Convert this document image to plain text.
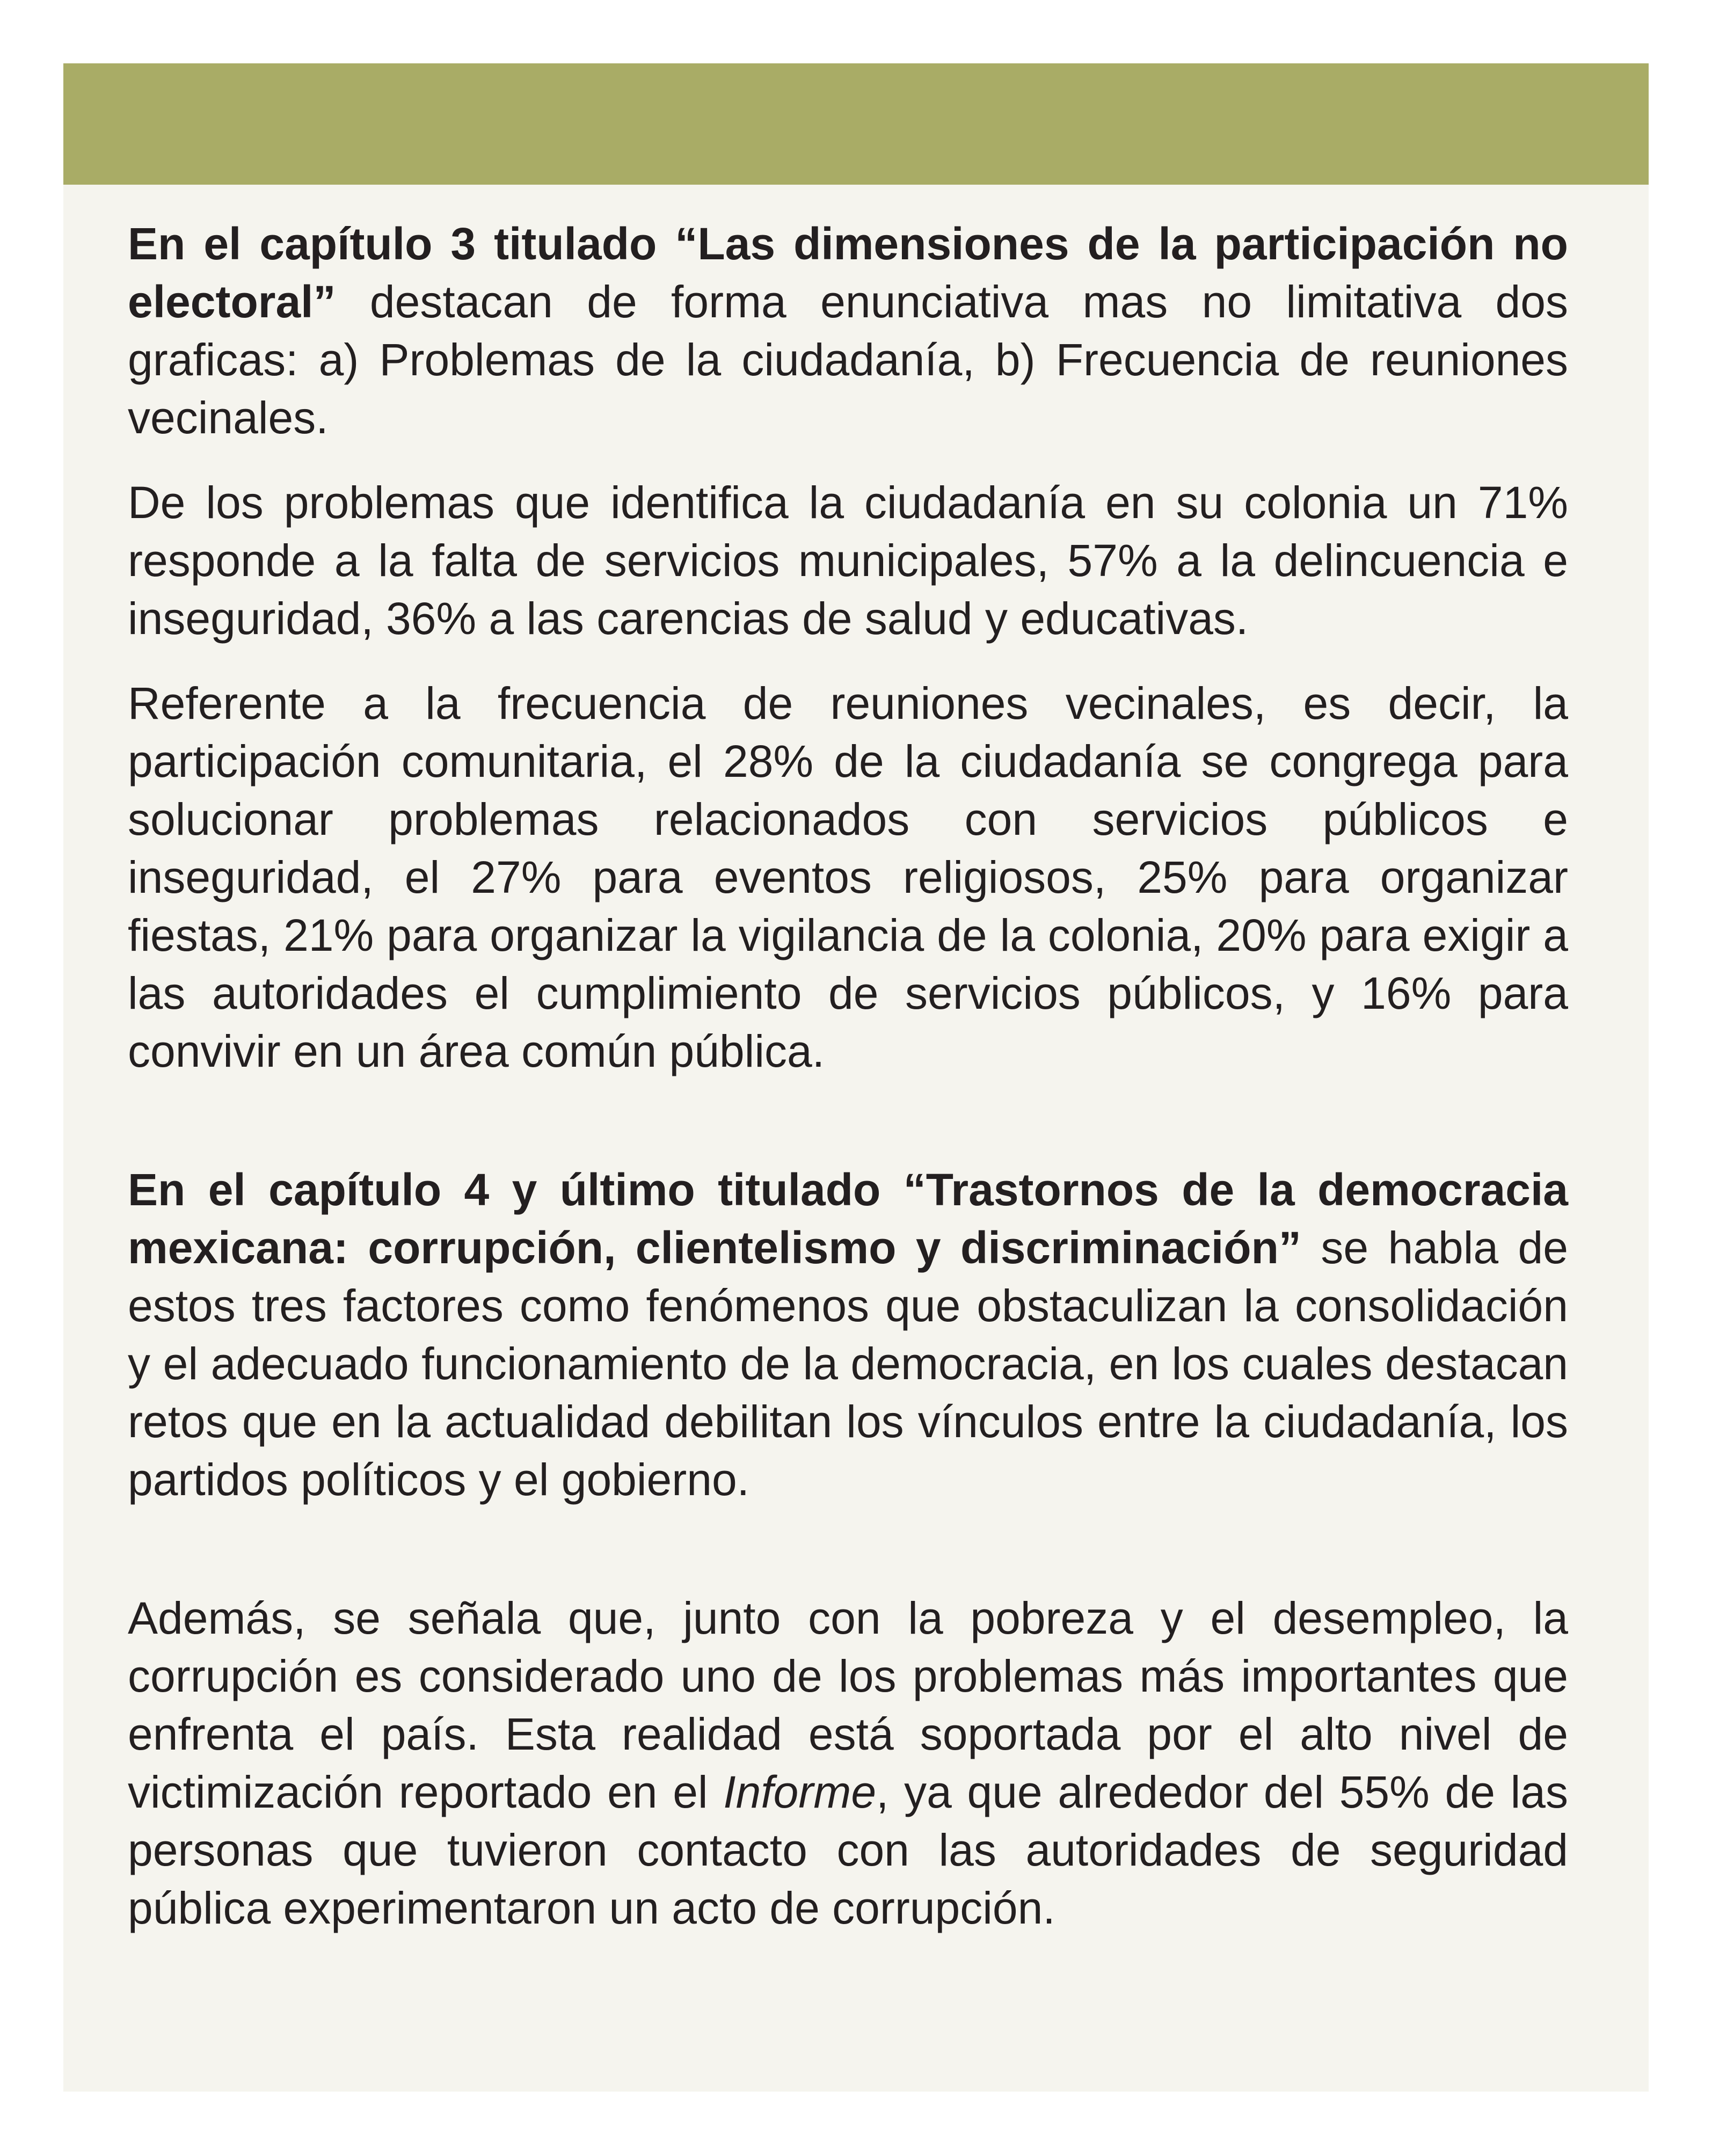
En el capítulo 3 titulado “Las dimensiones de la participación no electoral” destacan de forma enunciativa mas no limitativa dos graficas: a) Problemas de la ciudadanía, b) Frecuencia de reuniones vecinales.

De los problemas que identifica la ciudadanía en su colonia un 71% responde a la falta de servicios municipales, 57% a la delincuencia e inseguridad, 36% a las carencias de salud y educativas.

Referente a la frecuencia de reuniones vecinales, es decir, la participación comunitaria, el 28% de la ciudadanía se congrega para solucionar problemas relacionados con servicios públicos e inseguridad, el 27% para eventos religiosos, 25% para organizar fiestas, 21% para organizar la vigilancia de la colonia, 20% para exigir a las autoridades el cumplimiento de servicios públicos, y 16% para convivir en un área común pública.

En el capítulo 4 y último titulado “Trastornos de la democracia mexicana: corrupción, clientelismo y discriminación” se habla de estos tres factores como fenómenos que obstaculizan la consolidación y el adecuado funcionamiento de la democracia, en los cuales destacan retos que en la actualidad debilitan los vínculos entre la ciudadanía, los partidos políticos y el gobierno.

Además, se señala que, junto con la pobreza y el desempleo, la corrupción es considerado uno de los problemas más importantes que enfrenta el país. Esta realidad está soportada por el alto nivel de victimización reportado en el Informe, ya que alrededor del 55% de las personas que tuvieron contacto con las autoridades de seguridad pública experimentaron un acto de corrupción.
